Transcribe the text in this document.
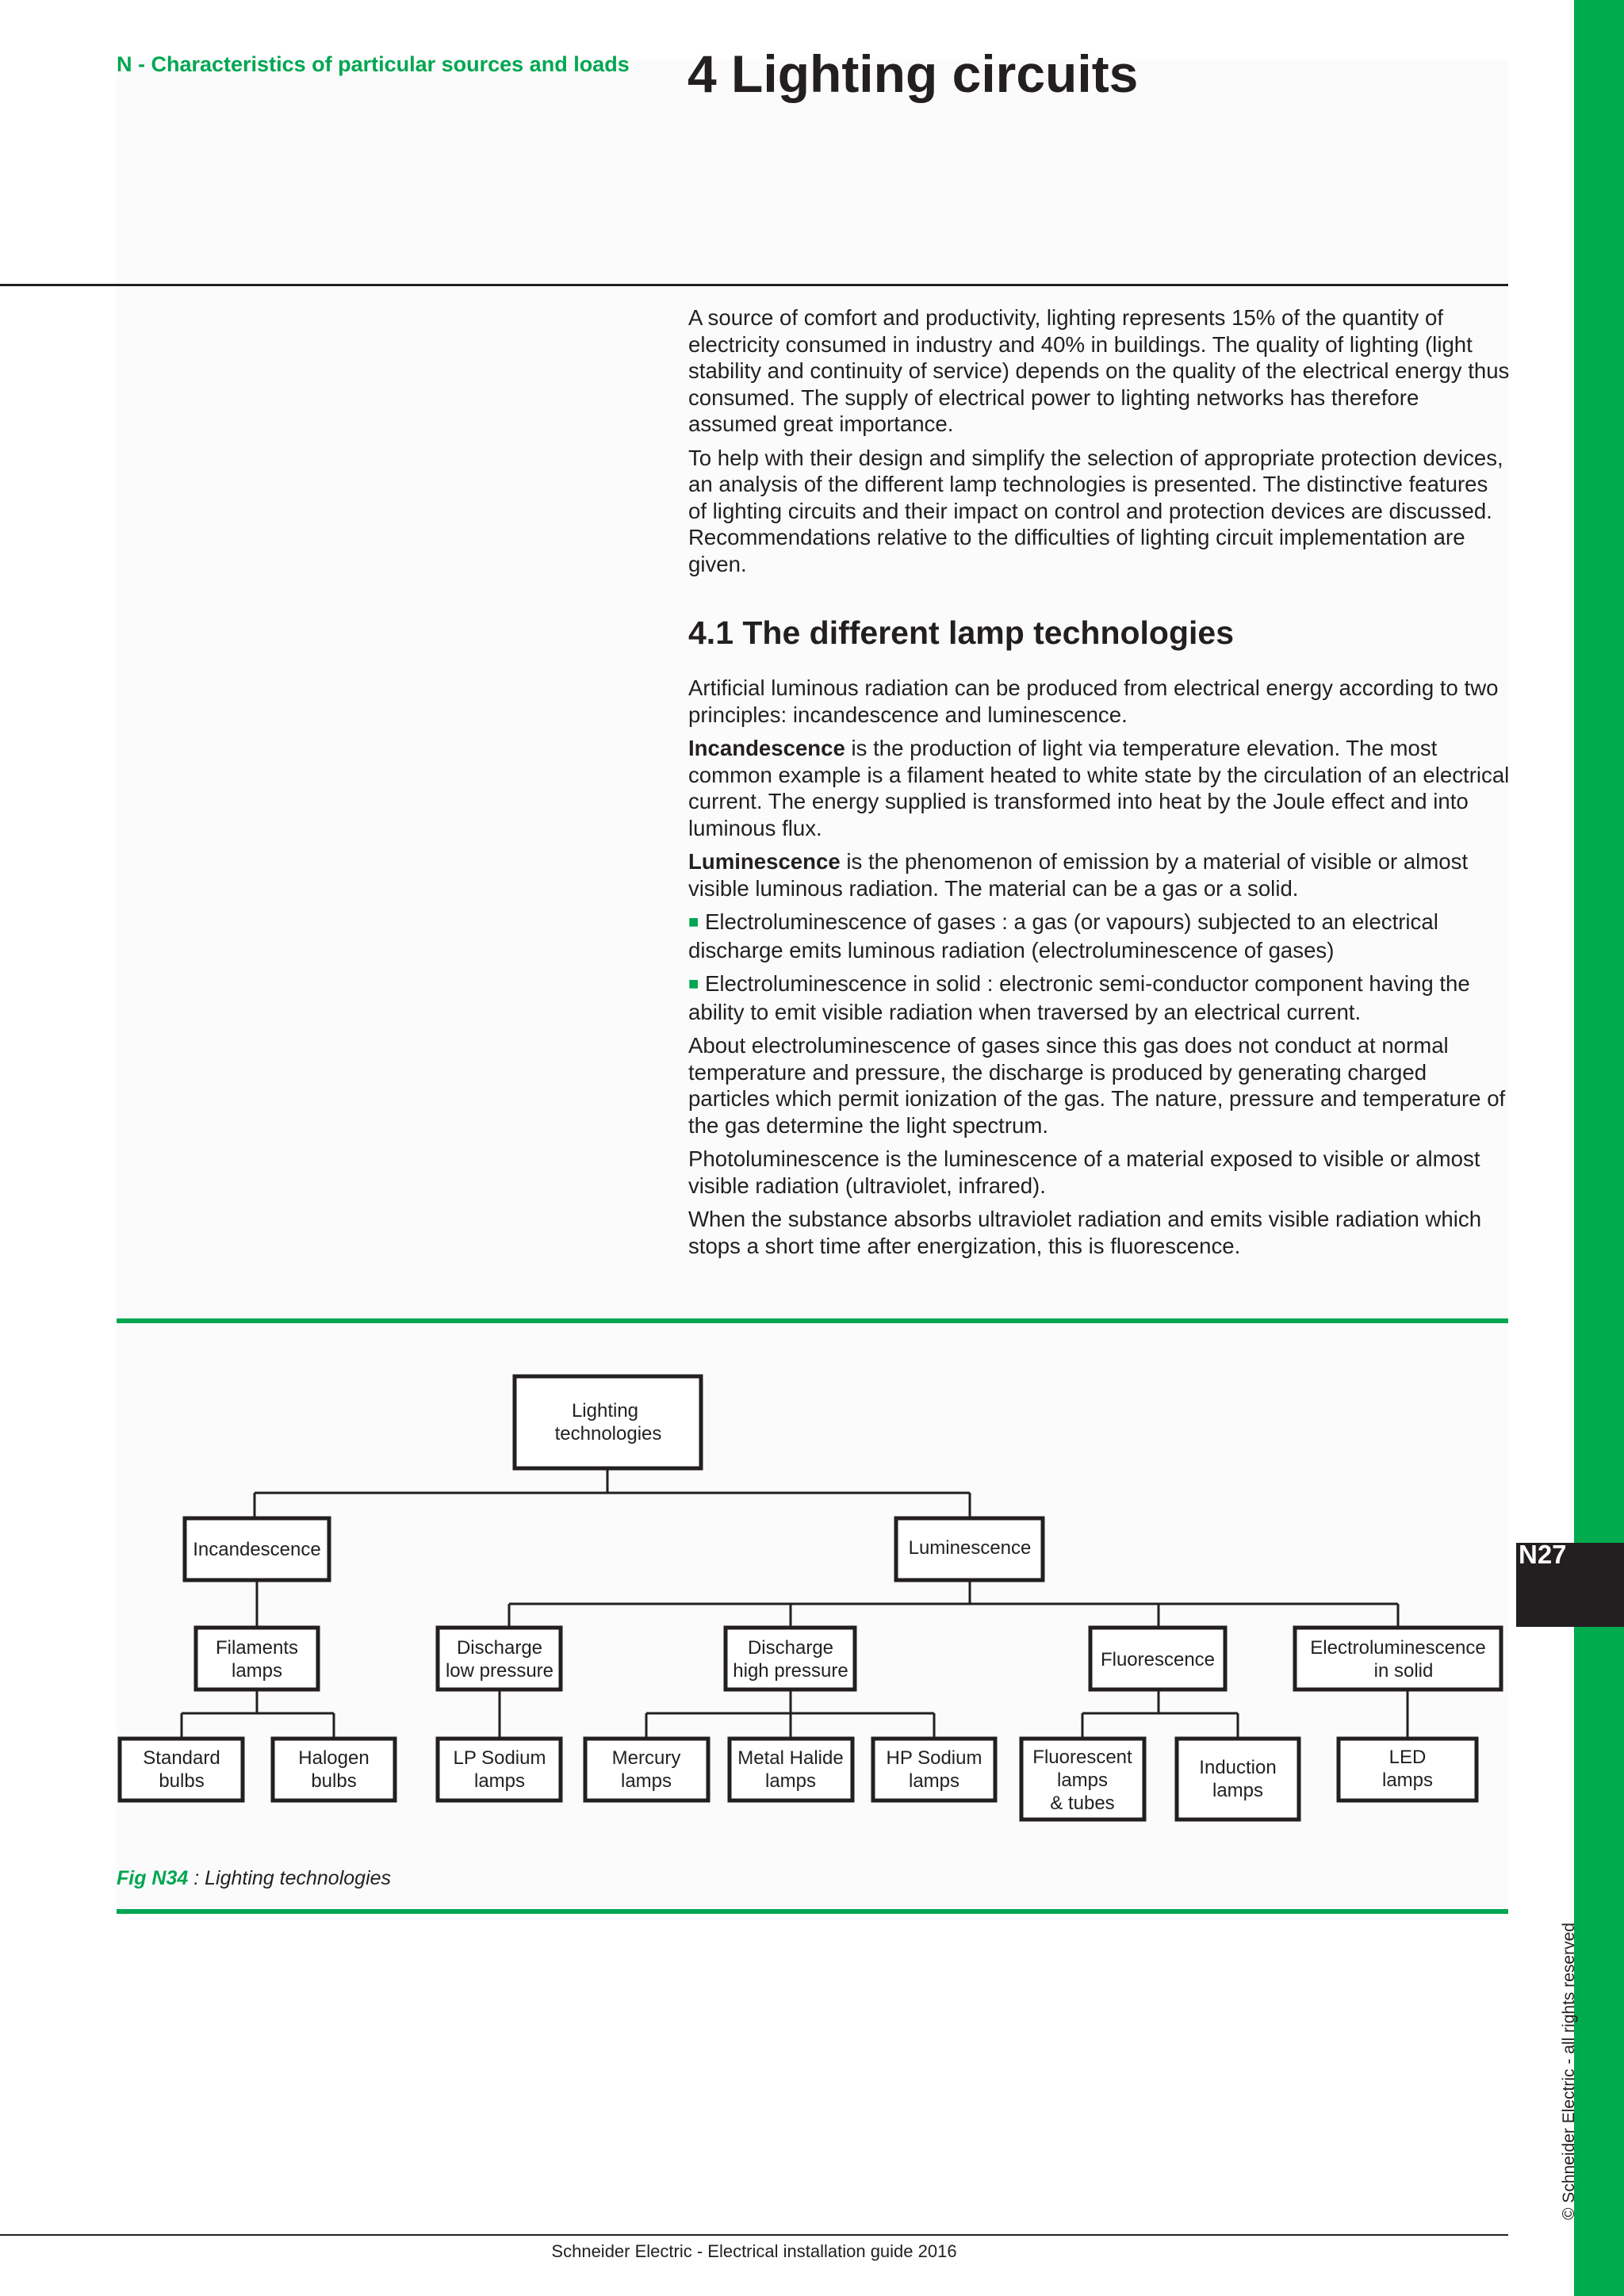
N27
© Schneider Electric - all rights reserved
N - Characteristics of particular sources and loads 4 Lighting circuits

A source of comfort and productivity, lighting represents 15% of the quantity of electricity consumed in industry and 40% in buildings. The quality of lighting (light stability and continuity of service) depends on the quality of the electrical energy thus consumed. The supply of electrical power to lighting networks has therefore assumed great importance.

To help with their design and simplify the selection of appropriate protection devices, an analysis of the different lamp technologies is presented. The distinctive features of lighting circuits and their impact on control and protection devices are discussed. Recommendations relative to the difficulties of lighting circuit implementation are given.

4.1 The different lamp technologies

Artificial luminous radiation can be produced from electrical energy according to two principles: incandescence and luminescence.

Incandescence is the production of light via temperature elevation. The most common example is a filament heated to white state by the circulation of an electrical current. The energy supplied is transformed into heat by the Joule effect and into luminous flux.

Luminescence is the phenomenon of emission by a material of visible or almost visible luminous radiation. The material can be a gas or a solid.

■ Electroluminescence of gases : a gas (or vapours) subjected to an electrical discharge emits luminous radiation (electroluminescence of gases)

■ Electroluminescence in solid : electronic semi-conductor component having the ability to emit visible radiation when traversed by an electrical current.

About electroluminescence of gases since this gas does not conduct at normal temperature and pressure, the discharge is produced by generating charged particles which permit ionization of the gas. The nature, pressure and temperature of the gas determine the light spectrum.

Photoluminescence is the luminescence of a material exposed to visible or almost visible radiation (ultraviolet, infrared).

When the substance absorbs ultraviolet radiation and emits visible radiation which stops a short time after energization, this is fluorescence.

Lighting
technologies
Incandescence	Luminescence
Filaments
lamps
Discharge
low pressure
Discharge
high pressure
Fluorescence
Electroluminescence
in solid
Standard
bulbs
Halogen
bulbs
LP Sodium
lamps
Mercury
lamps
Metal Halide
lamps
HP Sodium
lamps
Fluorescent
lamps
& tubes
Induction
lamps
LED
lamps
Fig N34 : Lighting technologies
Schneider Electric - Electrical installation guide 2016
